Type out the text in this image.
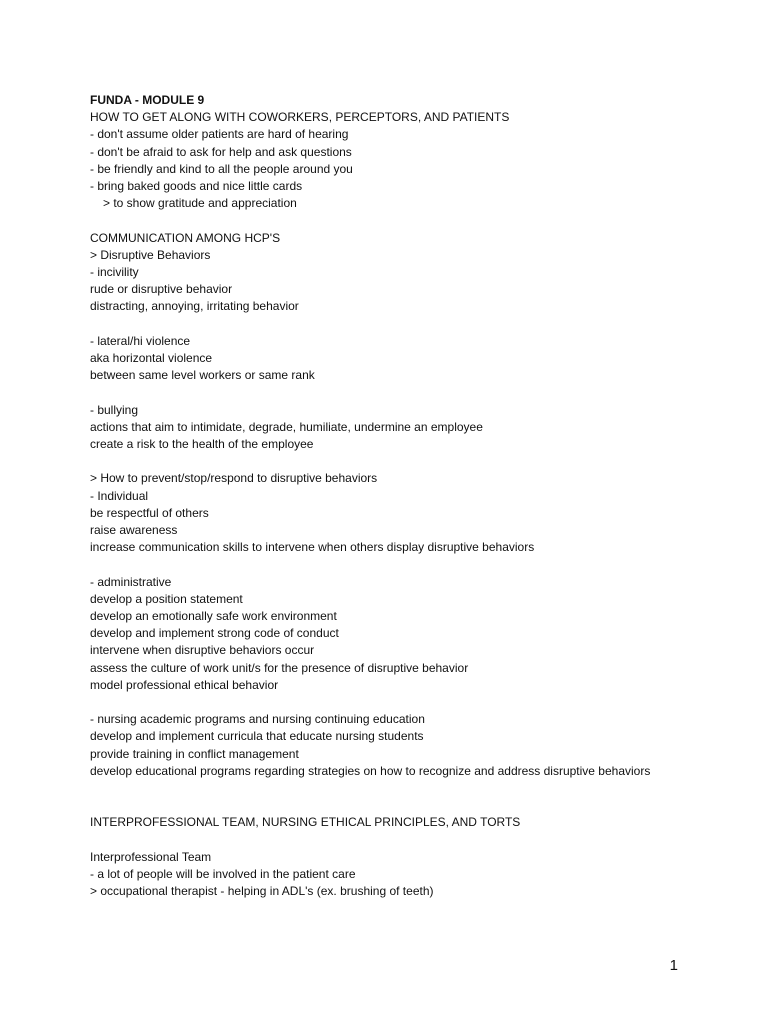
FUNDA - MODULE 9
HOW TO GET ALONG WITH COWORKERS, PERCEPTORS, AND PATIENTS
- don't assume older patients are hard of hearing
- don't be afraid to ask for help and ask questions
- be friendly and kind to all the people around you
- bring baked goods and nice little cards
> to show gratitude and appreciation
COMMUNICATION AMONG HCP'S
> Disruptive Behaviors
- incivility
rude or disruptive behavior
distracting, annoying, irritating behavior
- lateral/hi violence
aka horizontal violence
between same level workers or same rank
- bullying
actions that aim to intimidate, degrade, humiliate, undermine an employee
create a risk to the health of the employee
> How to prevent/stop/respond to disruptive behaviors
- Individual
be respectful of others
raise awareness
increase communication skills to intervene when others display disruptive behaviors
- administrative
develop a position statement
develop an emotionally safe work environment
develop and implement strong code of conduct
intervene when disruptive behaviors occur
assess the culture of work unit/s for the presence of disruptive behavior
model professional ethical behavior
- nursing academic programs and nursing continuing education
develop and implement curricula that educate nursing students
provide training in conflict management
develop educational programs regarding strategies on how to recognize and address disruptive behaviors
INTERPROFESSIONAL TEAM, NURSING ETHICAL PRINCIPLES, AND TORTS
Interprofessional Team
- a lot of people will be involved in the patient care
> occupational therapist - helping in ADL's (ex. brushing of teeth)
1
